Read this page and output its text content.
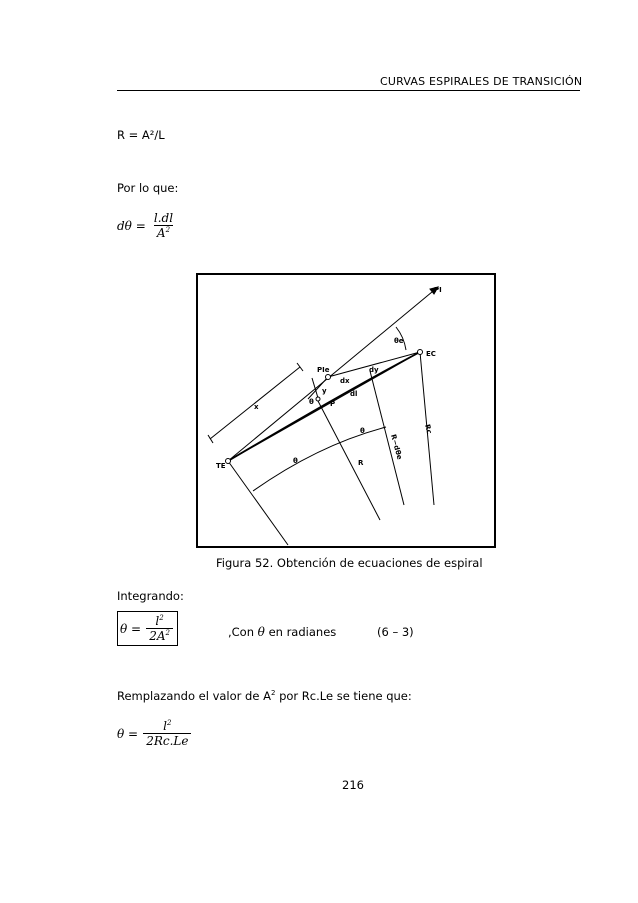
CURVAS ESPIRALES DE TRANSICIÓN
R = A²/L
Por lo que:
$d\theta = \frac{l.dl}{A^2}$
PI
θe
EC
PIe
dx
dy
dl
y
x
θ P
TE
θ
θ
R
R−dθe
Rc
Figura 52. Obtención de ecuaciones de espiral
Integrando:
$\theta = \frac{l^2}{2A^2}$	,Con θ en radianes	(6 – 3)
Remplazando el valor de $A^2$ por Rc.Le se tiene que:
$\theta = \frac{l^2}{2Rc.Le}$
216
